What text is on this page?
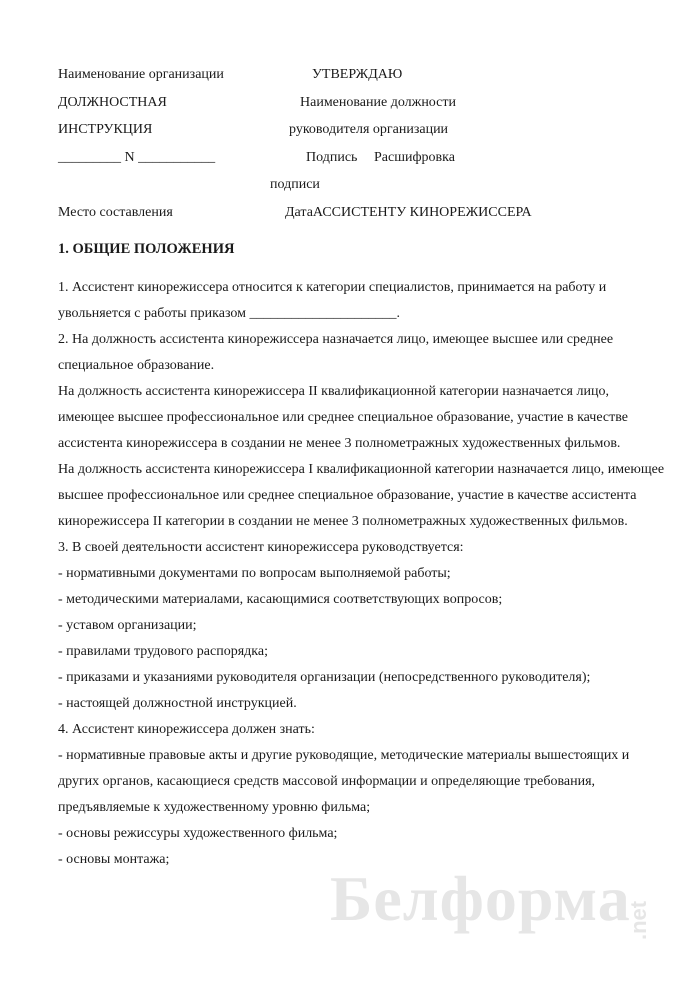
Наименование организации	УТВЕРЖДАЮ
ДОЛЖНОСТНАЯ	Наименование должности
ИНСТРУКЦИЯ	руководителя организации
_________ N ___________	Подпись Расшифровка
подписи
Место составления	ДатаАССИСТЕНТУ КИНОРЕЖИССЕРА
1. ОБЩИЕ ПОЛОЖЕНИЯ
1. Ассистент кинорежиссера относится к категории специалистов, принимается на работу и
увольняется с работы приказом _____________________.
2. На должность ассистента кинорежиссера назначается лицо, имеющее высшее или среднее
специальное образование.
На должность ассистента кинорежиссера II квалификационной категории назначается лицо,
имеющее высшее профессиональное или среднее специальное образование, участие в качестве
ассистента кинорежиссера в создании не менее 3 полнометражных художественных фильмов.
На должность ассистента кинорежиссера I квалификационной категории назначается лицо, имеющее
высшее профессиональное или среднее специальное образование, участие в качестве ассистента
кинорежиссера II категории в создании не менее 3 полнометражных художественных фильмов.
3. В своей деятельности ассистент кинорежиссера руководствуется:
- нормативными документами по вопросам выполняемой работы;
- методическими материалами, касающимися соответствующих вопросов;
- уставом организации;
- правилами трудового распорядка;
- приказами и указаниями руководителя организации (непосредственного руководителя);
- настоящей должностной инструкцией.
4. Ассистент кинорежиссера должен знать:
- нормативные правовые акты и другие руководящие, методические материалы вышестоящих и
других органов, касающиеся средств массовой информации и определяющие требования,
предъявляемые к художественному уровню фильма;
- основы режиссуры художественного фильма;
- основы монтажа;
Белформа
.net
